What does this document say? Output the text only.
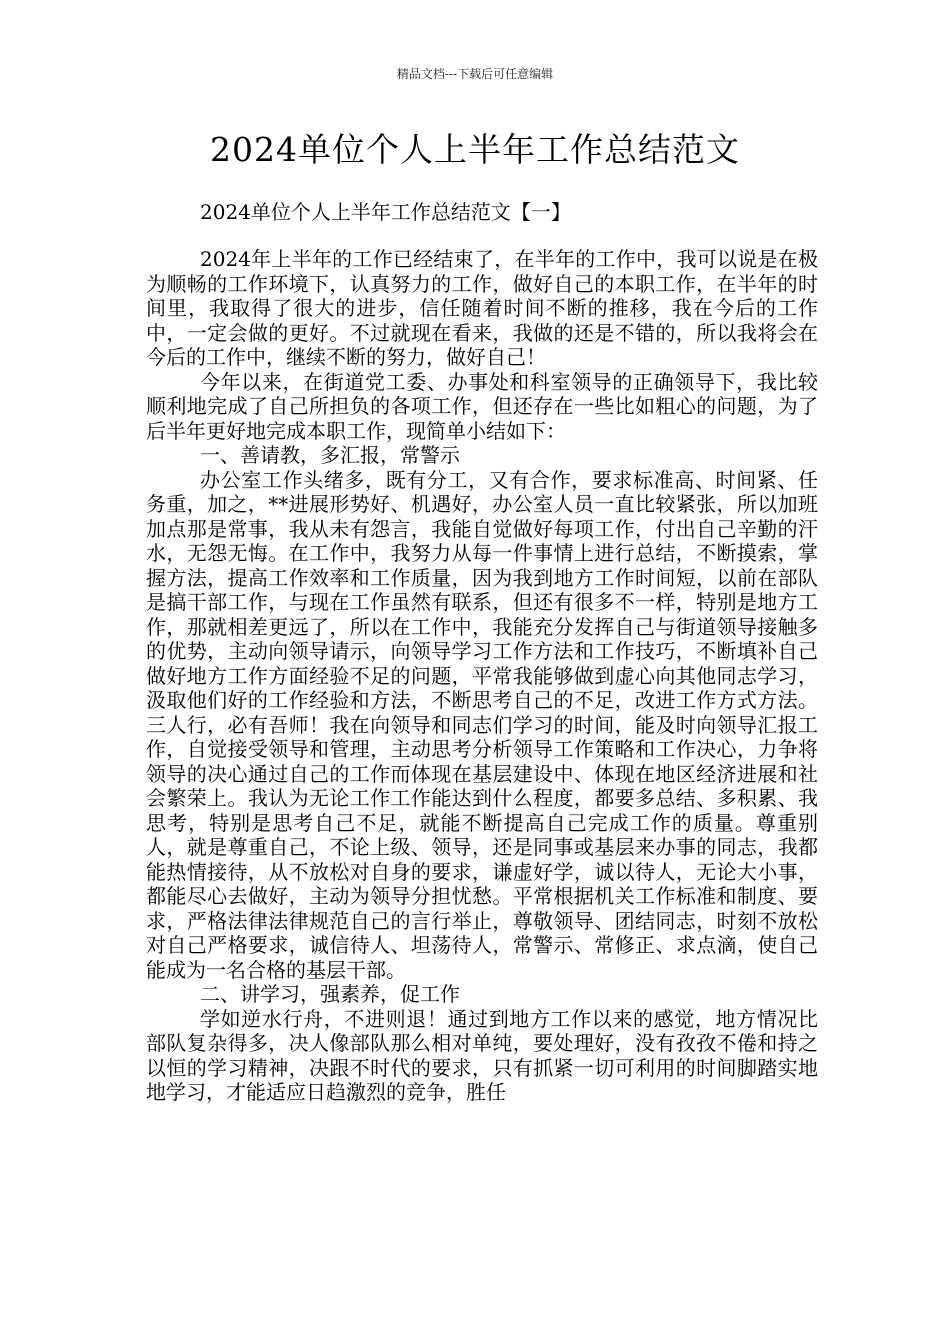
精品文档---下载后可任意编辑
2024单位个人上半年工作总结范文
2024单位个人上半年工作总结范文【一】

2024年上半年的工作已经结束了，在半年的工作中，我可以说是在极为顺畅的工作环境下，认真努力的工作，做好自己的本职工作，在半年的时间里，我取得了很大的进步，信任随着时间不断的推移，我在今后的工作中，一定会做的更好。不过就现在看来，我做的还是不错的，所以我将会在今后的工作中，继续不断的努力，做好自己！

今年以来，在街道党工委、办事处和科室领导的正确领导下，我比较顺利地完成了自己所担负的各项工作，但还存在一些比如粗心的问题，为了后半年更好地完成本职工作，现简单小结如下：

一、善请教，多汇报，常警示

办公室工作头绪多，既有分工，又有合作，要求标准高、时间紧、任务重，加之，**进展形势好、机遇好，办公室人员一直比较紧张，所以加班加点那是常事，我从未有怨言，我能自觉做好每项工作，付出自己辛勤的汗水，无怨无悔。在工作中，我努力从每一件事情上进行总结，不断摸索，掌握方法，提高工作效率和工作质量，因为我到地方工作时间短，以前在部队是搞干部工作，与现在工作虽然有联系，但还有很多不一样，特别是地方工作，那就相差更远了，所以在工作中，我能充分发挥自己与街道领导接触多的优势，主动向领导请示，向领导学习工作方法和工作技巧，不断填补自己做好地方工作方面经验不足的问题，平常我能够做到虚心向其他同志学习，汲取他们好的工作经验和方法，不断思考自己的不足，改进工作方式方法。三人行，必有吾师！我在向领导和同志们学习的时间，能及时向领导汇报工作，自觉接受领导和管理，主动思考分析领导工作策略和工作决心，力争将领导的决心通过自己的工作而体现在基层建设中、体现在地区经济进展和社会繁荣上。我认为无论工作工作能达到什么程度，都要多总结、多积累、我思考，特别是思考自己不足，就能不断提高自己完成工作的质量。尊重别人，就是尊重自己，不论上级、领导，还是同事或基层来办事的同志，我都能热情接待，从不放松对自身的要求，谦虚好学，诚以待人，无论大小事，都能尽心去做好，主动为领导分担忧愁。平常根据机关工作标准和制度、要求，严格法律法律规范自己的言行举止，尊敬领导、团结同志，时刻不放松对自己严格要求，诚信待人、坦荡待人，常警示、常修正、求点滴，使自己能成为一名合格的基层干部。

二、讲学习，强素养，促工作

学如逆水行舟，不进则退！通过到地方工作以来的感觉，地方情况比部队复杂得多，决人像部队那么相对单纯，要处理好，没有孜孜不倦和持之以恒的学习精神，决跟不时代的要求，只有抓紧一切可利用的时间脚踏实地地学习，才能适应日趋激烈的竞争，胜任
